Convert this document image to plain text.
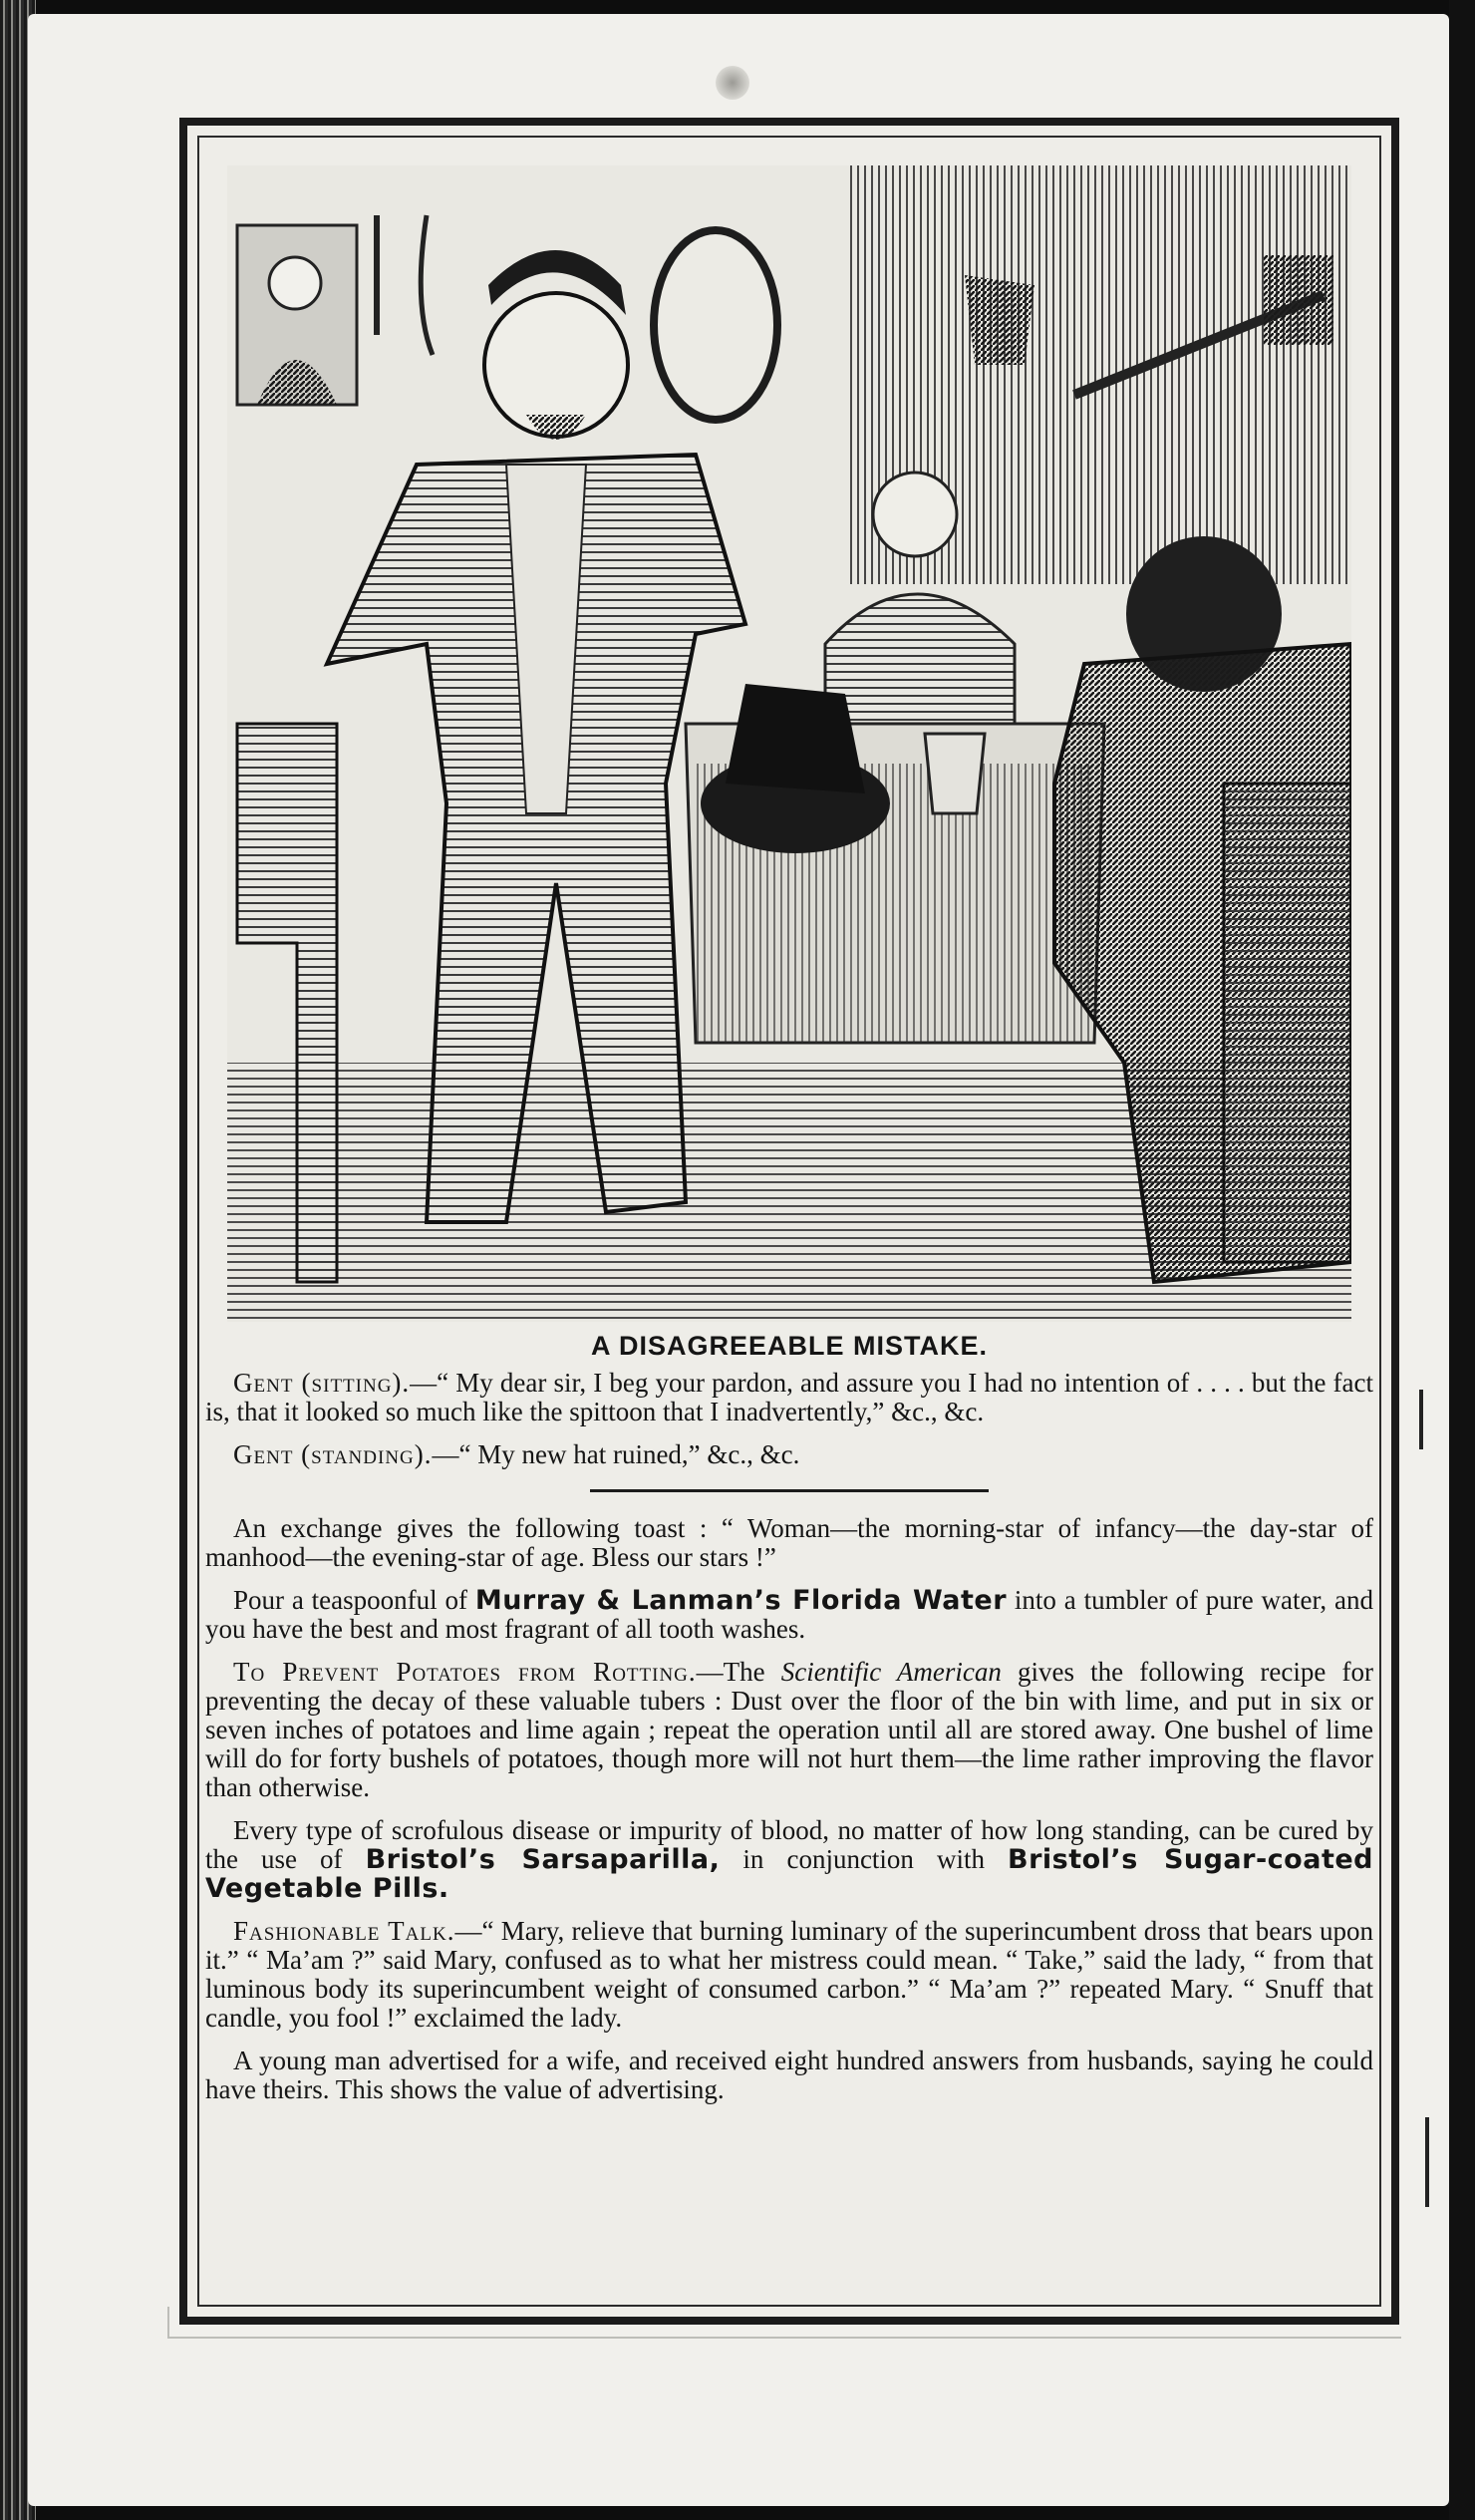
A DISAGREEABLE MISTAKE.

Gent (sitting).—“ My dear sir, I beg your pardon, and assure you I had no intention of . . . . but the fact is, that it looked so much like the spittoon that I inadvertently,” &c., &c.

Gent (standing).—“ My new hat ruined,” &c., &c.

An exchange gives the following toast : “ Woman—the morning-star of infancy—the day-star of manhood—the evening-star of age. Bless our stars !”

Pour a teaspoonful of Murray & Lanman’s Florida Water into a tumbler of pure water, and you have the best and most fragrant of all tooth washes.

To Prevent Potatoes from Rotting.—The Scientific American gives the following recipe for preventing the decay of these valuable tubers : Dust over the floor of the bin with lime, and put in six or seven inches of potatoes and lime again ; repeat the operation until all are stored away. One bushel of lime will do for forty bushels of potatoes, though more will not hurt them—the lime rather improving the flavor than otherwise.

Every type of scrofulous disease or impurity of blood, no matter of how long standing, can be cured by the use of Bristol’s Sarsaparilla, in conjunction with Bristol’s Sugar-coated Vegetable Pills.

Fashionable Talk.—“ Mary, relieve that burning luminary of the superincumbent dross that bears upon it.” “ Ma’am ?” said Mary, confused as to what her mistress could mean. “ Take,” said the lady, “ from that luminous body its superincumbent weight of consumed carbon.” “ Ma’am ?” repeated Mary. “ Snuff that candle, you fool !” exclaimed the lady.

A young man advertised for a wife, and received eight hundred answers from husbands, saying he could have theirs. This shows the value of advertising.
